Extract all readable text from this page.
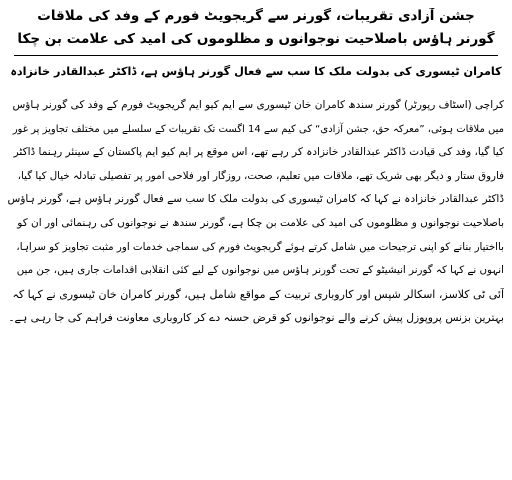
جشن آزادی تقریبات، گورنر سے گریجویٹ فورم کے وفد کی ملاقات
گورنر ہاؤس باصلاحیت نوجوانوں و مظلوموں کی امید کی علامت بن چکا
کامران ٹیسوری کی بدولت ملک کا سب سے فعال گورنر ہاؤس ہے، ڈاکٹر عبدالقادر خانزادہ
کراچی (اسٹاف رپورٹر) گورنر سندھ کامران خان ٹیسوری سے ایم کیو ایم گریجویٹ فورم کے وفد کی گورنر ہاؤس
میں ملاقات ہوئی، ”معرکہ حق، جشن آزادی“ کی کیم سے 14 اگست تک تقریبات کے سلسلے میں مختلف تجاویز پر غور
کیا گیا، وفد کی قیادت ڈاکٹر عبدالقادر خانزادہ کر رہے تھے، اس موقع پر ایم کیو ایم پاکستان کے سینئر رہنما ڈاکٹر
فاروق ستار و دیگر بھی شریک تھے، ملاقات میں تعلیم، صحت، روزگار اور فلاحی امور پر تفصیلی تبادلہ خیال کیا گیا،
ڈاکٹر عبدالقادر خانزادہ نے کہا کہ کامران ٹیسوری کی بدولت ملک کا سب سے فعال گورنر ہاؤس ہے، گورنر ہاؤس
باصلاحیت نوجوانوں و مظلوموں کی امید کی علامت بن چکا ہے، گورنر سندھ نے نوجوانوں کی رہنمائی اور ان کو
بااختیار بنانے کو اپنی ترجیحات میں شامل کرتے ہوئے گریجویٹ فورم کی سماجی خدمات اور مثبت تجاویز کو سراہا،
انہوں نے کہا کہ گورنر انیشیٹو کے تحت گورنر ہاؤس میں نوجوانوں کے لیے کئی انقلابی اقدامات جاری ہیں، جن میں
آئی ٹی کلاسز، اسکالر شپس اور کاروباری تربیت کے مواقع شامل ہیں، گورنر کامران خان ٹیسوری نے کہا کہ
بہترین بزنس پروپوزل پیش کرنے والے نوجوانوں کو قرض حسنہ دے کر کاروباری معاونت فراہم کی جا رہی ہے۔
